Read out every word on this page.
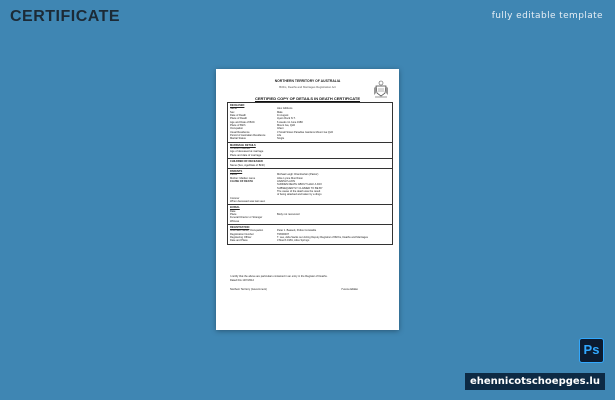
CERTIFICATE	fully editable template
NORTHERN TERRITORY OF AUSTRALIA
Births, Deaths and Marriages Registration Act
CERTIFIED COPY OF DETAILS IN DEATH CERTIFICATE
DECEASED
Name	Alex Gibbons
Sex	Male
Date of Death	11 August
Place of Death	Ayers Rock N.T.
Age and Date of Birth	6 weeks 11 June 1980
Place of Birth	Mount Isa, QLD
Occupation	Infant
Usual Residence	3 Small Street Paradise Gardens Mount Isa QLD
Period of Australian Residence	Life
Marital Status	Single
MARRIAGE DETAILS
To whom married
Age of deceased at marriage
Place and date of marriage
CHILDREN OF DECEASED
Name (Sex, Age/Date of Birth)
PARENTS
Father	Michael Leigh Chamberlain (Pastor)
Mother: Maiden name	Alice Lynne Murchison
CAUSE OF DEATH	ANAPHYLAXIS
SUDDEN DEATH ABOUT HALF A DAY
SUBSEQUENTLY CLAIMED TO BE BY
The cause of the death was the result
of being attacked and taken by a dingo
Coroner
When deceased was last seen
BURIAL
Date
Place	Body not recovered
Funeral Director or Stranger
Witness
REGISTRATION
Informant Name, Occupation	Peter J. Bassett, Police Constable
Registration Number	TR000007
Registering Officer	T. Lee, Aida Sacks our Acting Deputy Registrar of Births, Deaths and Marriages
Date and Place	3 March 1981, Alice Springs
I certify that the above are particulars contained in an entry in the Register of Deaths.
Dated this 13/7/2012
Northern Territory (Government)	Yvonne Eltikko
Ps
ehennicotschoepges.lu
